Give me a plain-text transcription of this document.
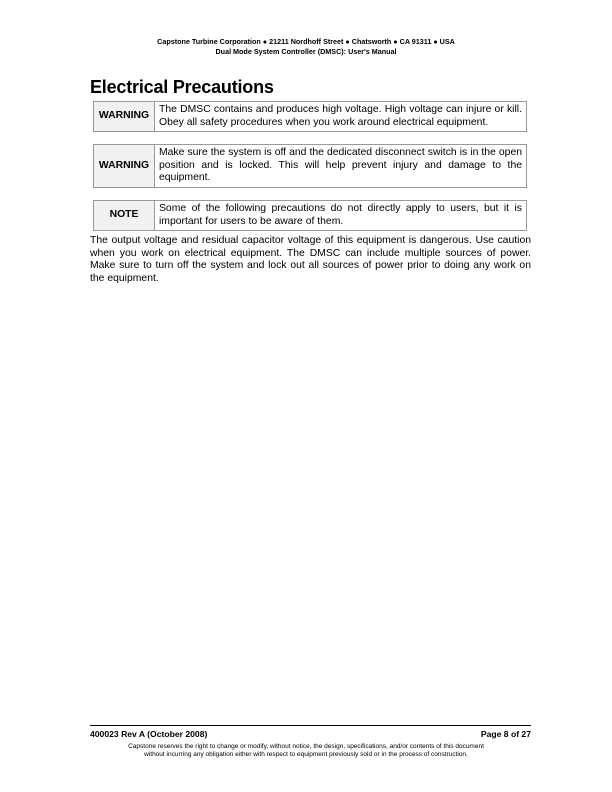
Capstone Turbine Corporation ● 21211 Nordhoff Street ● Chatsworth ● CA 91311 ● USA
Dual Mode System Controller (DMSC): User's Manual
Electrical Precautions
WARNING	The DMSC contains and produces high voltage. High voltage can injure or kill. Obey all safety procedures when you work around electrical equipment.
WARNING	Make sure the system is off and the dedicated disconnect switch is in the open position and is locked. This will help prevent injury and damage to the equipment.
NOTE	Some of the following precautions do not directly apply to users, but it is important for users to be aware of them.

The output voltage and residual capacitor voltage of this equipment is dangerous. Use caution when you work on electrical equipment. The DMSC can include multiple sources of power. Make sure to turn off the system and lock out all sources of power prior to doing any work on the equipment.

400023 Rev A (October 2008)	Page 8 of 27
Capstone reserves the right to change or modify, without notice, the design, specifications, and/or contents of this document
without incurring any obligation either with respect to equipment previously sold or in the process of construction.
